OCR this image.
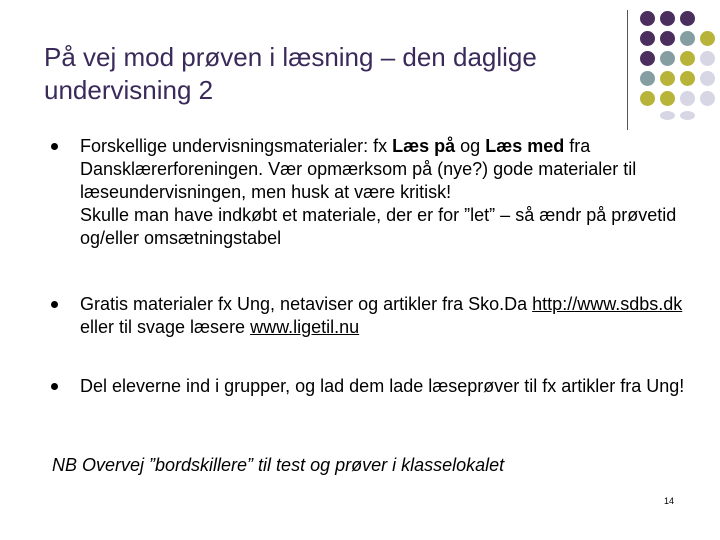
På vej mod prøven i læsning – den daglige
undervisning 2

Forskellige undervisningsmaterialer: fx Læs på og Læs med fra Dansklærerforeningen. Vær opmærksom på (nye?) gode materialer til læseundervisningen, men husk at være kritisk!

Skulle man have indkøbt et materiale, der er for ”let” – så ændr på prøvetid og/eller omsætningstabel

Gratis materialer fx Ung, netaviser og artikler fra Sko.Da http://www.sdbs.dk eller til svage læsere www.ligetil.nu

Del eleverne ind i grupper, og lad dem lade læseprøver til fx artikler fra Ung!

NB Overvej ”bordskillere” til test og prøver i klasselokalet

14
